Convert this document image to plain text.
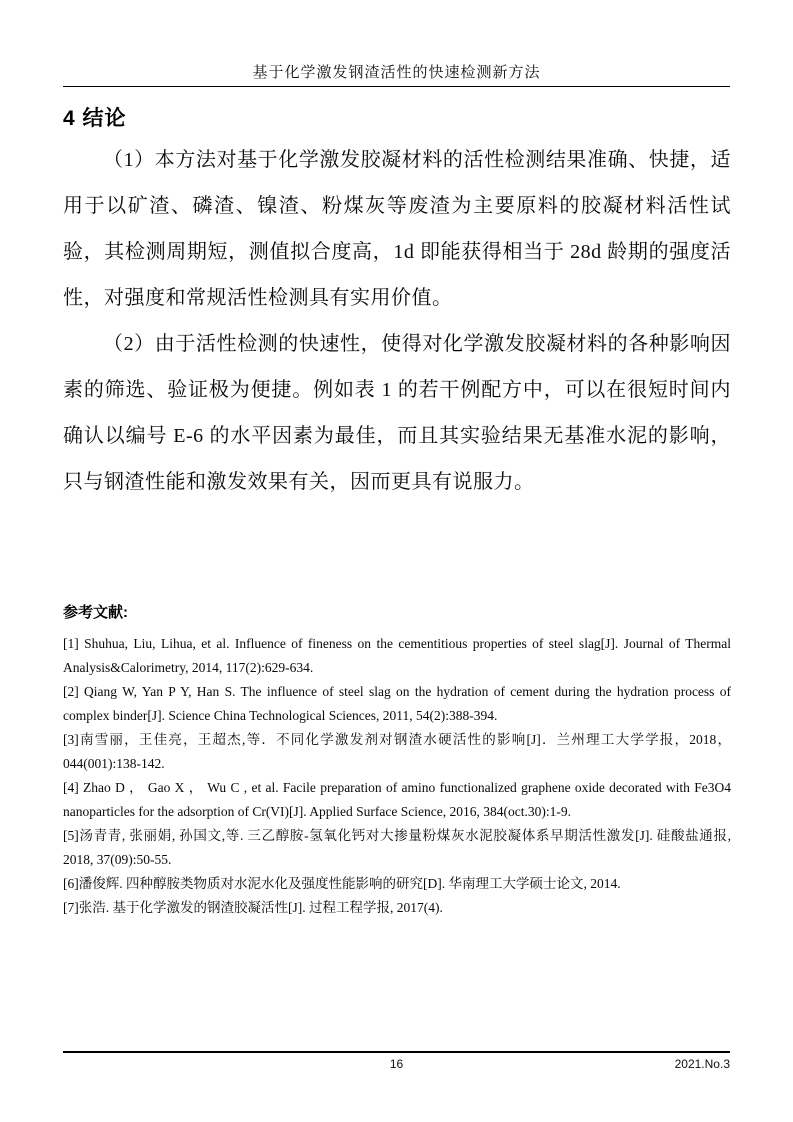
基于化学激发钢渣活性的快速检测新方法
4 结论

（1）本方法对基于化学激发胶凝材料的活性检测结果准确、快捷，适用于以矿渣、磷渣、镍渣、粉煤灰等废渣为主要原料的胶凝材料活性试验，其检测周期短，测值拟合度高，1d 即能获得相当于 28d 龄期的强度活性，对强度和常规活性检测具有实用价值。

（2）由于活性检测的快速性，使得对化学激发胶凝材料的各种影响因素的筛选、验证极为便捷。例如表 1 的若干例配方中，可以在很短时间内确认以编号 E-6 的水平因素为最佳，而且其实验结果无基准水泥的影响，只与钢渣性能和激发效果有关，因而更具有说服力。

参考文献:

[1] Shuhua, Liu, Lihua, et al. Influence of fineness on the cementitious properties of steel slag[J]. Journal of Thermal Analysis&Calorimetry, 2014, 117(2):629-634.

[2] Qiang W, Yan P Y, Han S. The influence of steel slag on the hydration of cement during the hydration process of complex binder[J]. Science China Technological Sciences, 2011, 54(2):388-394.

[3]南雪丽，王佳亮，王超杰,等．不同化学激发剂对钢渣水硬活性的影响[J]．兰州理工大学学报，2018，044(001):138-142.

[4] Zhao D ， Gao X ， Wu C , et al. Facile preparation of amino functionalized graphene oxide decorated with Fe3O4 nanoparticles for the adsorption of Cr(VI)[J]. Applied Surface Science, 2016, 384(oct.30):1-9.

[5]汤青青, 张丽娟, 孙国文,等. 三乙醇胺-氢氧化钙对大掺量粉煤灰水泥胶凝体系早期活性激发[J]. 硅酸盐通报, 2018, 37(09):50-55.

[6]潘俊辉. 四种醇胺类物质对水泥水化及强度性能影响的研究[D]. 华南理工大学硕士论文, 2014.

[7]张浩. 基于化学激发的钢渣胶凝活性[J]. 过程工程学报, 2017(4).

16	2021.No.3
